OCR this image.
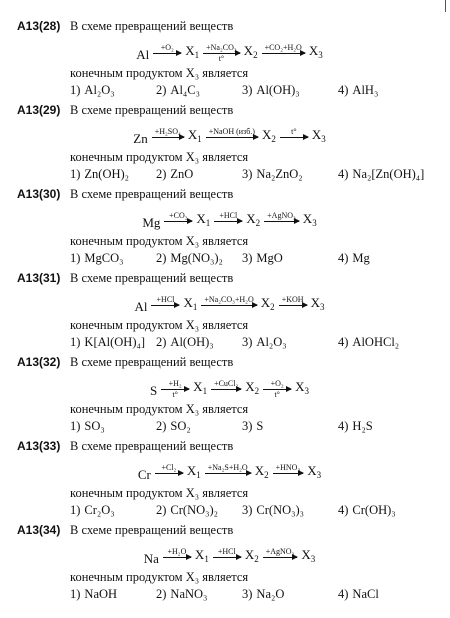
A13(28) В схеме превращений веществ
Al	+O₂ $X_1$
+Na₂CO₃
t°
$X_2$
+CO₂+H₂O $X_3$
конечным продуктом X₃ является
1) Al₂O₃	2) Al₄C₃	3) Al(OH)₃	4) AlH₃
A13(29) В схеме превращений веществ
Zn +H₂SO₄ $X_1$
+NaOH (изб.) $X_2$
t° $X_3$
конечным продуктом X₃ является
1) Zn(OH)₂ 2) ZnO	3) Na₂ZnO₂	4) Na₂[Zn(OH)₄]
A13(30) В схеме превращений веществ
Mg	+CO₂ $X_1$
+HCl $X_2$
+AgNO₃ $X_3$
конечным продуктом X₃ является
1) MgCO₃	2) Mg(NO₃)₂ 3) MgO	4) Mg
A13(31) В схеме превращений веществ
Al	+HCl $X_1$
+Na₂CO₃+H₂O $X_2$
+KOH $X_3$
конечным продуктом X₃ является
1) K[Al(OH)₄] 2) Al(OH)₃ 3) Al₂O₃	4) AlOHCl₂
A13(32) В схеме превращений веществ
S	+H₂
t°
$X_1$
+CuCl₂ $X_2$
+O₂
t°
$X_3$
конечным продуктом X₃ является
1) SO₃	2) SO₂	3) S	4) H₂S
A13(33) В схеме превращений веществ
Cr	+Cl₂ $X_1$
+Na₂S+H₂O $X_2$
+HNO₃ $X_3$
конечным продуктом X₃ является
1) Cr₂O₃	2) Cr(NO₃)₂ 3) Cr(NO₃)₃	4) Cr(OH)₃
A13(34) В схеме превращений веществ
Na	+H₂O $X_1$
+HCl $X_2$
+AgNO₃ $X_3$
конечным продуктом X₃ является
1) NaOH	2) NaNO₃	3) Na₂O	4) NaCl
